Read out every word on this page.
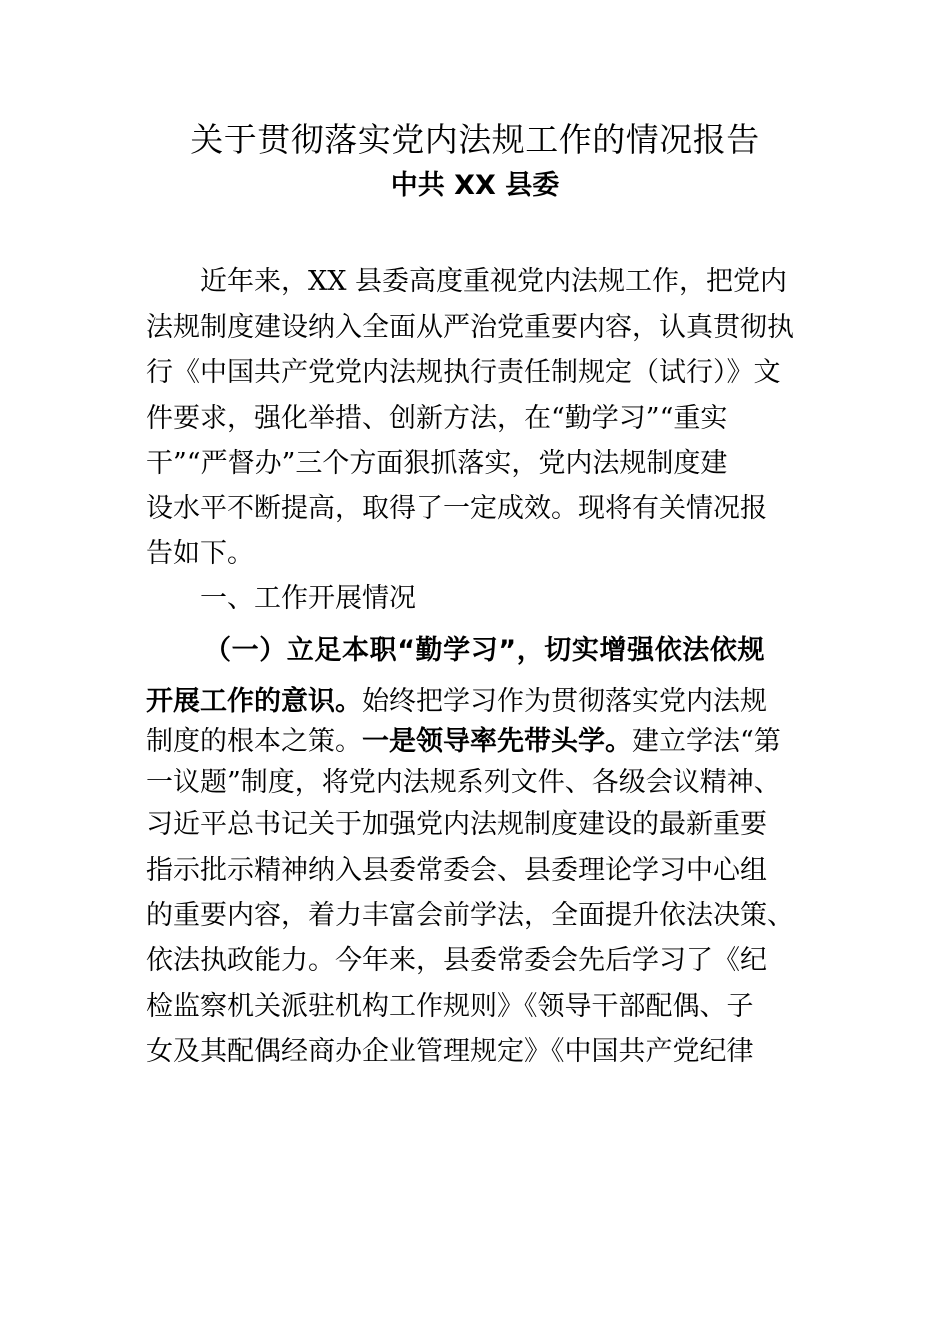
关于贯彻落实党内法规工作的情况报告
中共 XX 县委
近年来，XX 县委高度重视党内法规工作，把党内
法规制度建设纳入全面从严治党重要内容，认真贯彻执
行《中国共产党党内法规执行责任制规定（试行）》文
件要求，强化举措、创新方法，在“勤学习”“重实
干”“严督办”三个方面狠抓落实，党内法规制度建
设水平不断提高，取得了一定成效。现将有关情况报
告如下。
一、工作开展情况
（一）立足本职“勤学习”，切实增强依法依规
开展工作的意识。始终把学习作为贯彻落实党内法规
制度的根本之策。一是领导率先带头学。建立学法“第
一议题”制度，将党内法规系列文件、各级会议精神、
习近平总书记关于加强党内法规制度建设的最新重要
指示批示精神纳入县委常委会、县委理论学习中心组
的重要内容，着力丰富会前学法，全面提升依法决策、
依法执政能力。今年来，县委常委会先后学习了《纪
检监察机关派驻机构工作规则》《领导干部配偶、子
女及其配偶经商办企业管理规定》《中国共产党纪律
